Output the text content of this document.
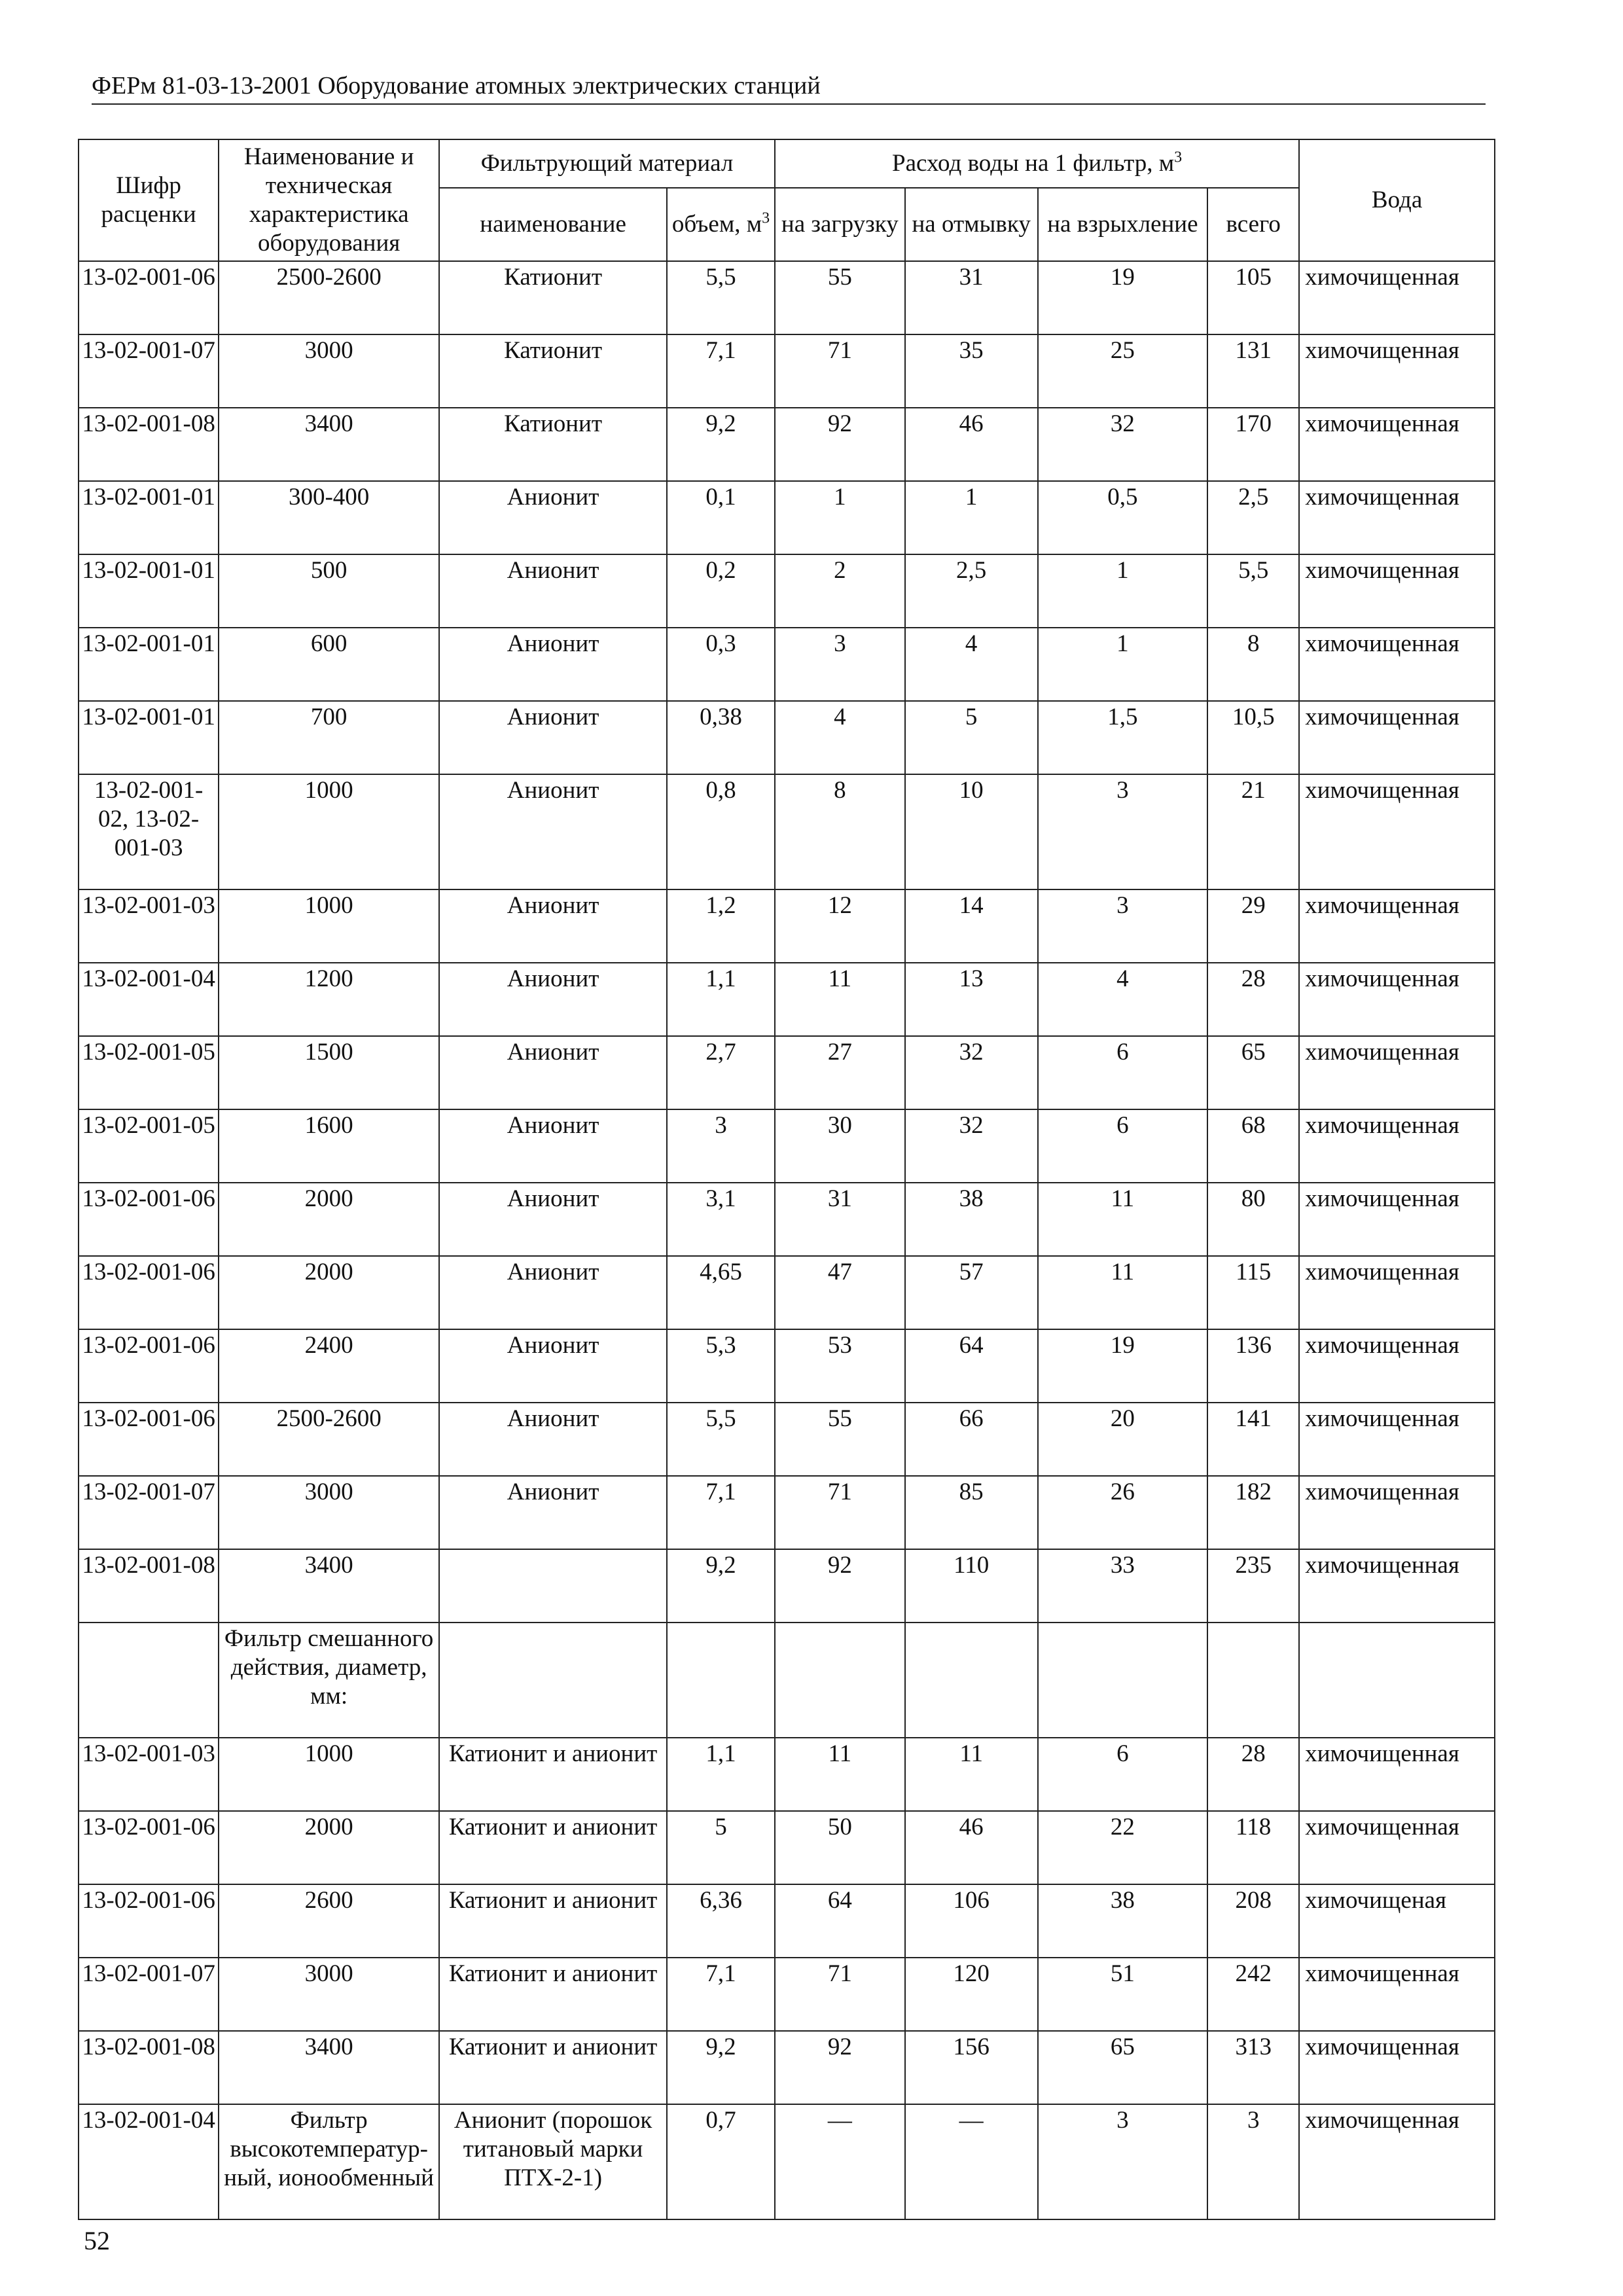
ФЕРм 81-03-13-2001 Оборудование атомных электрических станций
Шифр расценки	Наименование и техническая характеристика оборудования	Фильтрующий материал		Расход воды на 1 фильтр, $м^3$				Вода
		наименование	объем, $м^3$	на загрузку	на отмывку	на взрыхление	всего	
13-02-001-06	2500-2600	Катионит	5,5	55	31	19	105	химочищенная
13-02-001-07	3000	Катионит	7,1	71	35	25	131	химочищенная
13-02-001-08	3400	Катионит	9,2	92	46	32	170	химочищенная
13-02-001-01	300-400	Анионит	0,1	1	1	0,5	2,5	химочищенная
13-02-001-01	500	Анионит	0,2	2	2,5	1	5,5	химочищенная
13-02-001-01	600	Анионит	0,3	3	4	1	8	химочищенная
13-02-001-01	700	Анионит	0,38	4	5	1,5	10,5	химочищенная
13-02-001-02, 13-02-001-03	1000	Анионит	0,8	8	10	3	21	химочищенная
13-02-001-03	1000	Анионит	1,2	12	14	3	29	химочищенная
13-02-001-04	1200	Анионит	1,1	11	13	4	28	химочищенная
13-02-001-05	1500	Анионит	2,7	27	32	6	65	химочищенная
13-02-001-05	1600	Анионит	3	30	32	6	68	химочищенная
13-02-001-06	2000	Анионит	3,1	31	38	11	80	химочищенная
13-02-001-06	2000	Анионит	4,65	47	57	11	115	химочищенная
13-02-001-06	2400	Анионит	5,3	53	64	19	136	химочищенная
13-02-001-06	2500-2600	Анионит	5,5	55	66	20	141	химочищенная
13-02-001-07	3000	Анионит	7,1	71	85	26	182	химочищенная
13-02-001-08	3400		9,2	92	110	33	235	химочищенная
	Фильтр смешанного действия, диаметр, мм:							
13-02-001-03	1000	Катионит и анионит	1,1	11	11	6	28	химочищенная
13-02-001-06	2000	Катионит и анионит	5	50	46	22	118	химочищенная
13-02-001-06	2600	Катионит и анионит	6,36	64	106	38	208	химочищеная
13-02-001-07	3000	Катионит и анионит	7,1	71	120	51	242	химочищенная
13-02-001-08	3400	Катионит и анионит	9,2	92	156	65	313	химочищенная
13-02-001-04	Фильтр высокотемператур-ный, ионообменный	Анионит (порошок титановый марки ПТХ-2-1)	0,7	—	—	3	3	химочищенная
52
